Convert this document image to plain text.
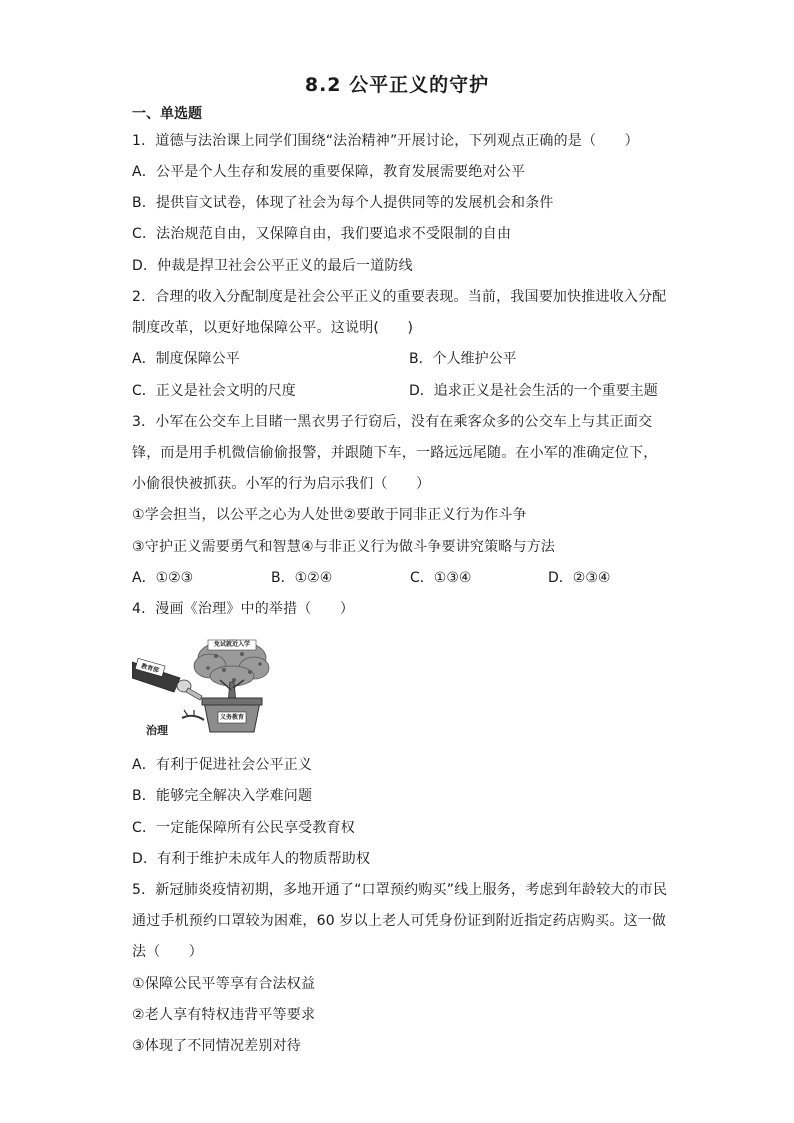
8.2 公平正义的守护
一、单选题
1．道德与法治课上同学们围绕“法治精神”开展讨论，下列观点正确的是（　　）
A．公平是个人生存和发展的重要保障，教育发展需要绝对公平
B．提供盲文试卷，体现了社会为每个人提供同等的发展机会和条件
C．法治规范自由，又保障自由，我们要追求不受限制的自由
D．仲裁是捍卫社会公平正义的最后一道防线
2．合理的收入分配制度是社会公平正义的重要表现。当前，我国要加快推进收入分配
制度改革，以更好地保障公平。这说明(　　)
A．制度保障公平	B．个人维护公平
C．正义是社会文明的尺度	D．追求正义是社会生活的一个重要主题
3．小军在公交车上目睹一黑衣男子行窃后，没有在乘客众多的公交车上与其正面交
锋，而是用手机微信偷偷报警，并跟随下车，一路远远尾随。在小军的准确定位下，
小偷很快被抓获。小军的行为启示我们（　　）
①学会担当，以公平之心为人处世②要敢于同非正义行为作斗争
③守护正义需要勇气和智慧④与非正义行为做斗争要讲究策略与方法
A．①②③	B．①②④	C．①③④	D．②③④
4．漫画《治理》中的举措（　　）
免试就近入学
义务教育
教育部
治理
A．有利于促进社会公平正义
B．能够完全解决入学难问题
C．一定能保障所有公民享受教育权
D．有利于维护未成年人的物质帮助权
5．新冠肺炎疫情初期，多地开通了“口罩预约购买”线上服务，考虑到年龄较大的市民
通过手机预约口罩较为困难，60 岁以上老人可凭身份证到附近指定药店购买。这一做
法（　　）
①保障公民平等享有合法权益
②老人享有特权违背平等要求
③体现了不同情况差别对待
